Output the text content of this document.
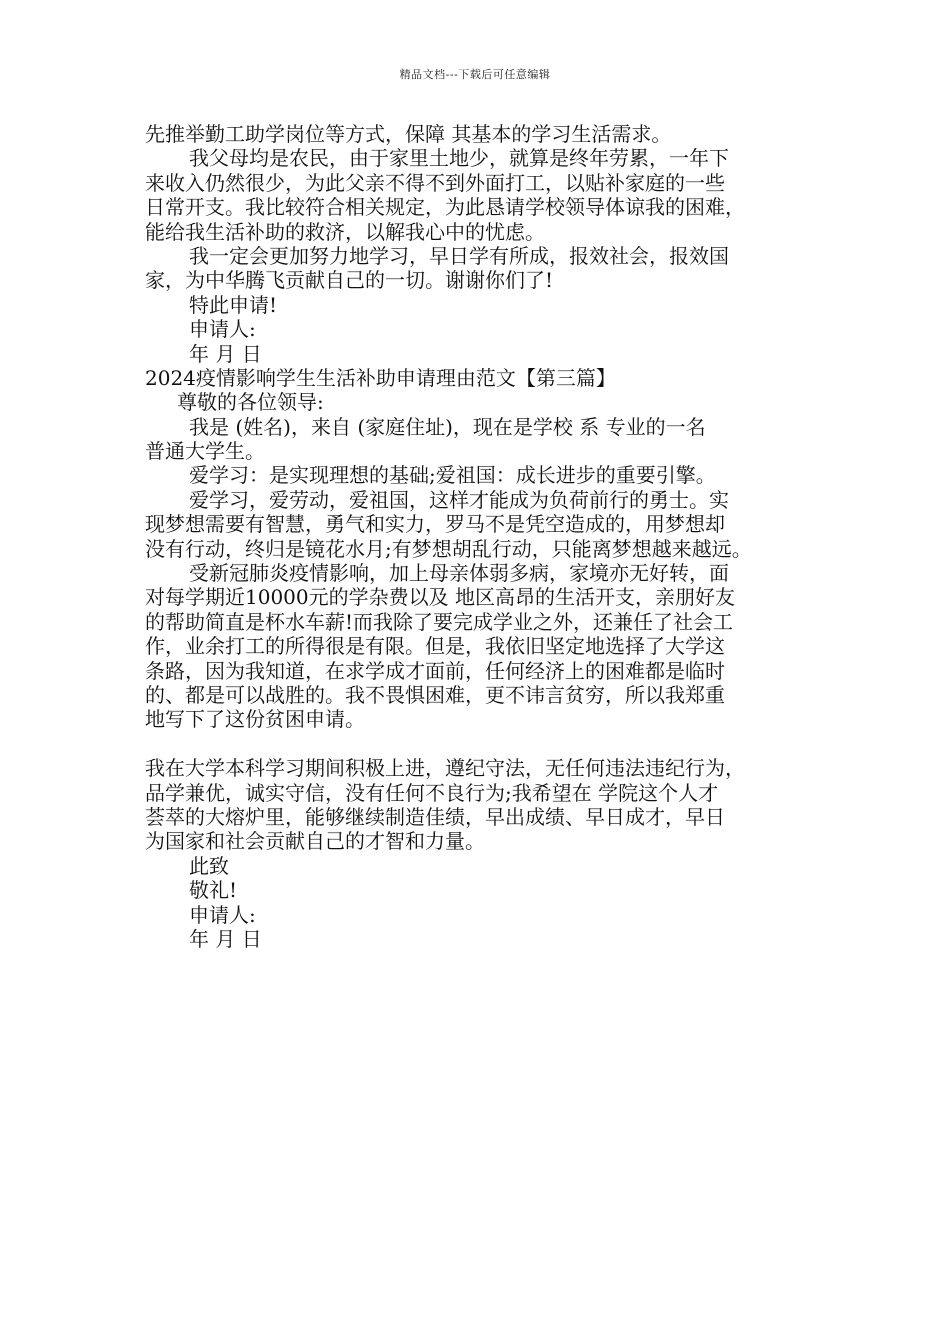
精品文档---下载后可任意编辑
先推举勤工助学岗位等方式，保障 其基本的学习生活需求。
我父母均是农民，由于家里土地少，就算是终年劳累，一年下
来收入仍然很少，为此父亲不得不到外面打工，以贴补家庭的一些
日常开支。我比较符合相关规定，为此恳请学校领导体谅我的困难，
能给我生活补助的救济，以解我心中的忧虑。
我一定会更加努力地学习，早日学有所成，报效社会，报效国
家，为中华腾飞贡献自己的一切。谢谢你们了!
特此申请!
申请人:
年 月 日
2024疫情影响学生生活补助申请理由范文【第三篇】
尊敬的各位领导:
我是 (姓名)，来自 (家庭住址)，现在是学校 系 专业的一名
普通大学生。
爱学习：是实现理想的基础;爱祖国：成长进步的重要引擎。
爱学习，爱劳动，爱祖国，这样才能成为负荷前行的勇士。实
现梦想需要有智慧，勇气和实力，罗马不是凭空造成的，用梦想却
没有行动，终归是镜花水月;有梦想胡乱行动，只能离梦想越来越远。
受新冠肺炎疫情影响，加上母亲体弱多病，家境亦无好转，面
对每学期近10000元的学杂费以及 地区高昂的生活开支，亲朋好友
的帮助简直是杯水车薪!而我除了要完成学业之外，还兼任了社会工
作，业余打工的所得很是有限。但是，我依旧坚定地选择了大学这
条路，因为我知道，在求学成才面前，任何经济上的困难都是临时
的、都是可以战胜的。我不畏惧困难，更不讳言贫穷，所以我郑重
地写下了这份贫困申请。
我在大学本科学习期间积极上进，遵纪守法，无任何违法违纪行为，
品学兼优，诚实守信，没有任何不良行为;我希望在 学院这个人才
荟萃的大熔炉里，能够继续制造佳绩，早出成绩、早日成才，早日
为国家和社会贡献自己的才智和力量。
此致
敬礼!
申请人:
年 月 日
